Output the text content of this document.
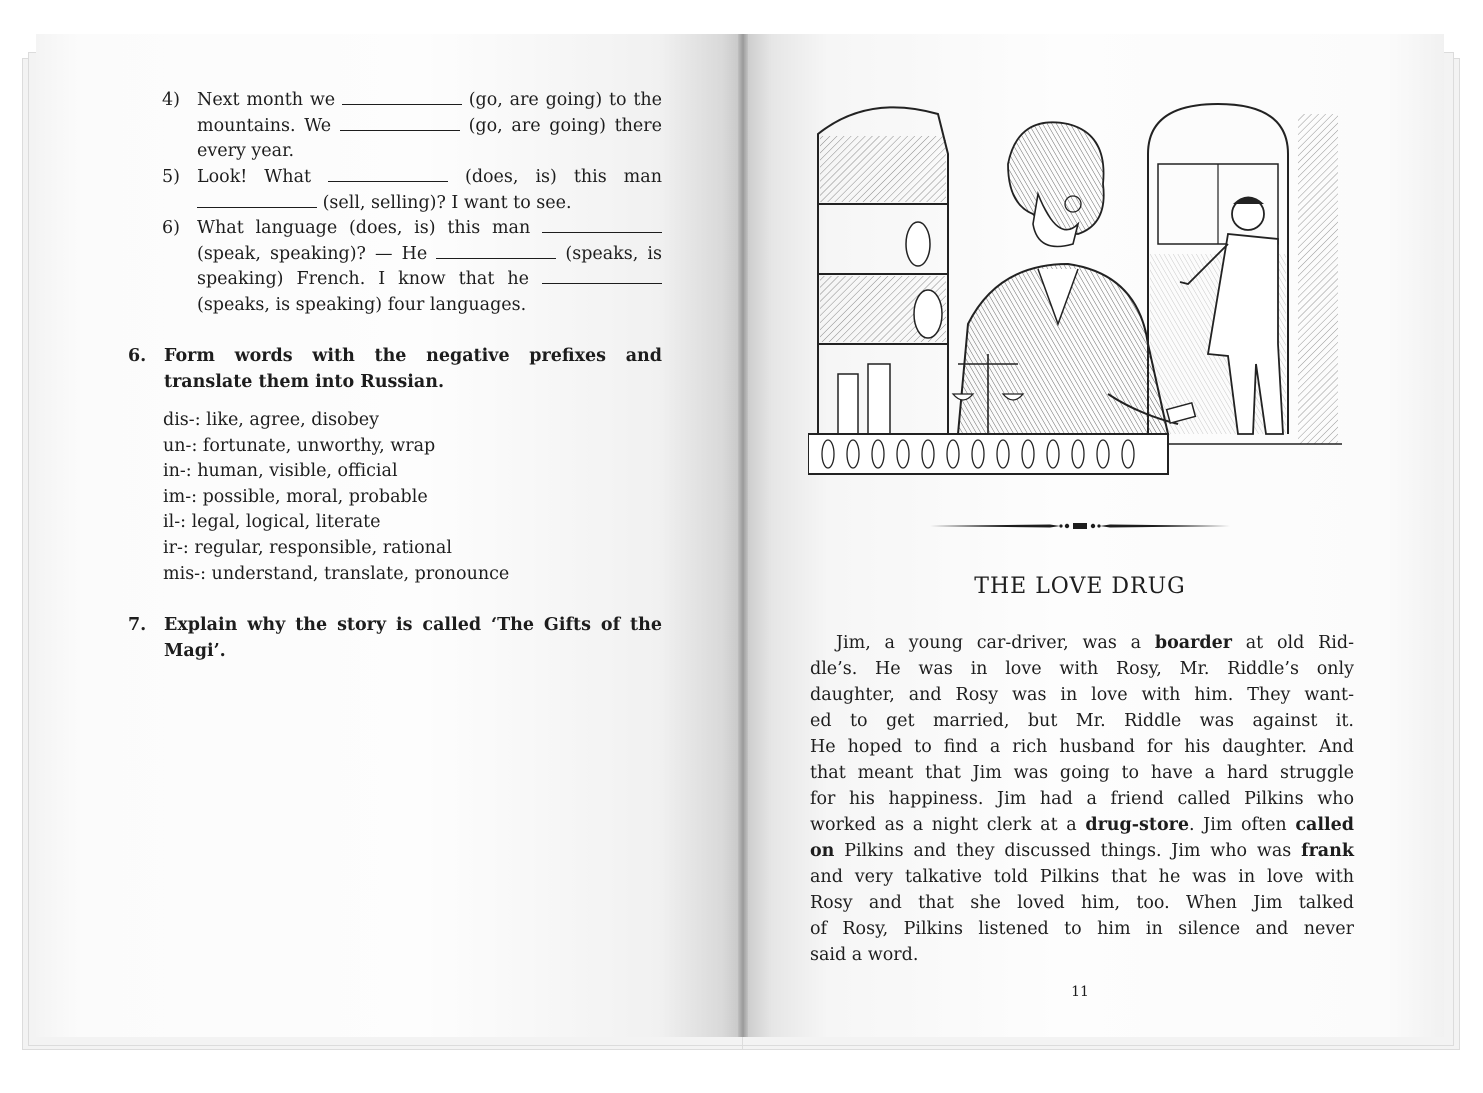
4) Next month we	(go, are going) to the mountains. We	(go, are going) there every year.
5) Look! What	(does, is) this man  (sell, selling)? I want to see.
6) What language (does, is) this man  (speak, speaking)? — He	(speaks, is speaking) French. I know that he  (speaks, is speaking) four languages.
6. Form words with the negative prefixes and translate them into Russian.
dis-: like, agree, disobey
un-: fortunate, unworthy, wrap
in-: human, visible, official
im-: possible, moral, probable
il-: legal, logical, literate
ir-: regular, responsible, rational
mis-: understand, translate, pronounce
7. Explain why the story is called ‘The Gifts of the Magi’.
THE LOVE DRUG
Jim, a young car-driver, was a boarder at old Rid-
dle’s. He was in love with Rosy, Mr. Riddle’s only
daughter, and Rosy was in love with him. They want-
ed to get married, but Mr. Riddle was against it.
He hoped to find a rich husband for his daughter. And
that meant that Jim was going to have a hard struggle
for his happiness. Jim had a friend called Pilkins who
worked as a night clerk at a drug-store. Jim often called
on Pilkins and they discussed things. Jim who was frank
and very talkative told Pilkins that he was in love with
Rosy and that she loved him, too. When Jim talked
of Rosy, Pilkins listened to him in silence and never
said a word.
11
